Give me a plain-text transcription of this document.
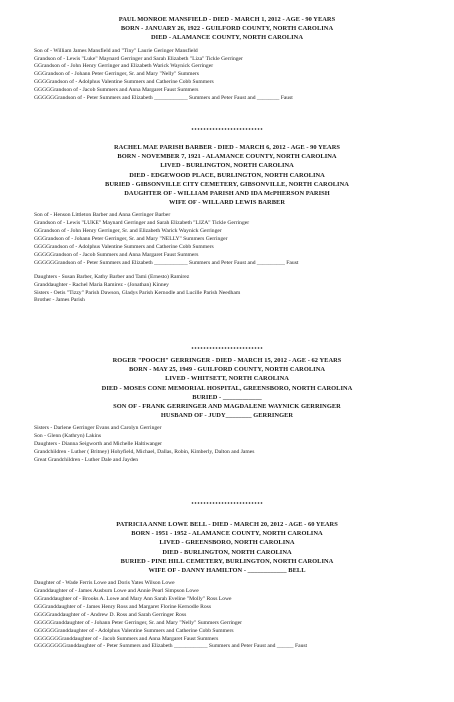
PAUL MONROE MANSFIELD - DIED - MARCH 1, 2012 - AGE - 90 YEARS
BORN - JANUARY 26, 1922 - GUILFORD COUNTY, NORTH CAROLINA
DIED - ALAMANCE COUNTY, NORTH CAROLINA
Son of - William James Mansfield and "Tiny" Laurie Geringer Mansfield
Grandson of - Lewis "Luke" Maynard Gerringer and Sarah Elizabeth "Liza" Tickle Gerringer
GGrandson of - John Henry Gerringer and Elizabeth Warick Waynick Gerringer
GGGrandson of - Johann Peter Gerringer, Sr. and Mary "Nelly" Summers
GGGGrandson of - Adolphus Valentine Summers and Catherine Cobb Summers
GGGGGrandson of - Jacob Summers and Anna Margaret Faust Summers
GGGGGGrandson of - Peter Summers and Elizabeth ____________ Summers and Peter Faust and ________ Faust
RACHEL MAE PARISH BARBER - DIED - MARCH 6, 2012 - AGE - 90 YEARS
BORN - NOVEMBER 7, 1921 - ALAMANCE COUNTY, NORTH CAROLINA
LIVED - BURLINGTON, NORTH CAROLINA
DIED - EDGEWOOD PLACE, BURLINGTON, NORTH CAROLINA
BURIED - GIBSONVILLE CITY CEMETERY, GIBSONVILLE, NORTH CAROLINA
DAUGHTER OF - WILLIAM PARISH AND IDA McPHERSON PARISH
WIFE OF - WILLARD LEWIS BARBER
Son of - Henson Littleton Barber and Anna Gerringer Barber
Grandson of - Lewis "LUKE" Maynard Gerringer and Sarah Elizabeth "LIZA" Tickle Gerringer
GGrandson of - John Henry Gerringer, Sr. and Elizabeth Warick Waynick Gerringer
GGGrandson of - Johann Peter Gerringer, Sr. and Mary "NELLY" Summers Gerringer
GGGGrandson of - Adolphus Valentine Summers and Catherine Cobb Summers
GGGGGrandson of - Jacob Summers and Anna Margaret Faust Summers
GGGGGGrandson of - Peter Summers and Elizabeth ____________ Summers and Peter Faust and __________ Faust
Daughters - Susan Barber, Kathy Barber and Tami (Ernesto) Ramirez
Granddaughter - Rachel Maria Ramirez - (Jonathan) Kinney
Sisters - Oetis "Tizzy" Parish Dawson, Gladys Parish Kernodle and Lucille Parish Needham
Brother - James Parish
ROGER "POOCH" GERRINGER - DIED - MARCH 15, 2012 - AGE - 62 YEARS
BORN - MAY 25, 1949 - GUILFORD COUNTY, NORTH CAROLINA
LIVED - WHITSETT, NORTH CAROLINA
DIED - MOSES CONE MEMORIAL HOSPITAL, GREENSBORO, NORTH CAROLINA
BURIED - ____________
SON OF - FRANK GERRINGER AND MAGDALENE WAYNICK GERRINGER
HUSBAND OF - JUDY________ GERRINGER
Sisters - Darlene Gerringer Evans and Carolyn Gerringer
Son - Glenn (Kathryn) Lakins
Daughters - Dianna Seigworth and Michelle Haltiwanger
Grandchildren - Luther ( Britney) Hohyfield, Michael, Dallas, Robin, Kimberly, Dalton and James
Great Grandchildren - Luther Dale and Jayden
PATRICIA ANNE LOWE BELL - DIED - MARCH 20, 2012 - AGE - 60 YEARS
BORN - 1951 - 1952 - ALAMANCE COUNTY, NORTH CAROLINA
LIVED - GREENSBORO, NORTH CAROLINA
DIED - BURLINGTON, NORTH CAROLINA
BURIED - PINE HILL CEMETERY, BURLINGTON, NORTH CAROLINA
WIFE OF - DANNY HAMILTON - ____________ BELL
Daughter of - Wade Ferris Lowe and Doris Yates Wilson Lowe
Granddaughter of - James Ausburn Lowe and Annie Pearl Simpson Lowe
GGranddaughter of - Brooks A. Lowe and Mary Ann Sarah Eveline "Molly" Ross Lowe
GGGranddaughter of - James Henry Ross and Margaret Florine Kernodle Ross
GGGGranddaughter of - Andrew D. Ross and Sarah Gerringer Ross
GGGGGranddaughter of - Johann Peter Gerringer, Sr. and Mary "Nelly" Summers Gerringer
GGGGGGranddaughter of - Adolphus Valentine Summers and Catherine Cobb Summers
GGGGGGGranddaughter of - Jacob Summers and Anna Margaret Faust Summers
GGGGGGGGranddaughter of - Peter Summers and Elizabeth ____________ Summers and Peter Faust and ______ Faust
